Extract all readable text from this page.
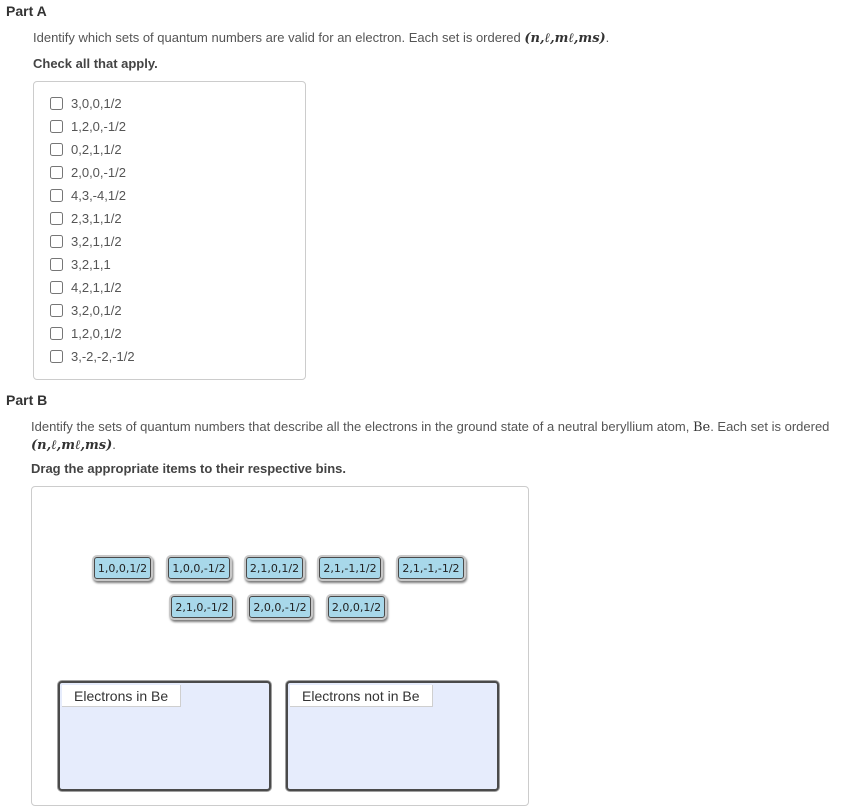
Part A
Identify which sets of quantum numbers are valid for an electron. Each set is ordered (n,ℓ,mℓ,ms).
Check all that apply.
3,0,0,1/2
1,2,0,-1/2
0,2,1,1/2
2,0,0,-1/2
4,3,-4,1/2
2,3,1,1/2
3,2,1,1/2
3,2,1,1
4,2,1,1/2
3,2,0,1/2
1,2,0,1/2
3,-2,-2,-1/2
Part B
Identify the sets of quantum numbers that describe all the electrons in the ground state of a neutral beryllium atom, Be. Each set is ordered (n,ℓ,mℓ,ms).
Drag the appropriate items to their respective bins.
1,0,0,1/2	1,0,0,-1/2	2,1,0,1/2	2,1,-1,1/2	2,1,-1,-1/2
2,1,0,-1/2	2,0,0,-1/2	2,0,0,1/2
Electrons in Be	Electrons not in Be
